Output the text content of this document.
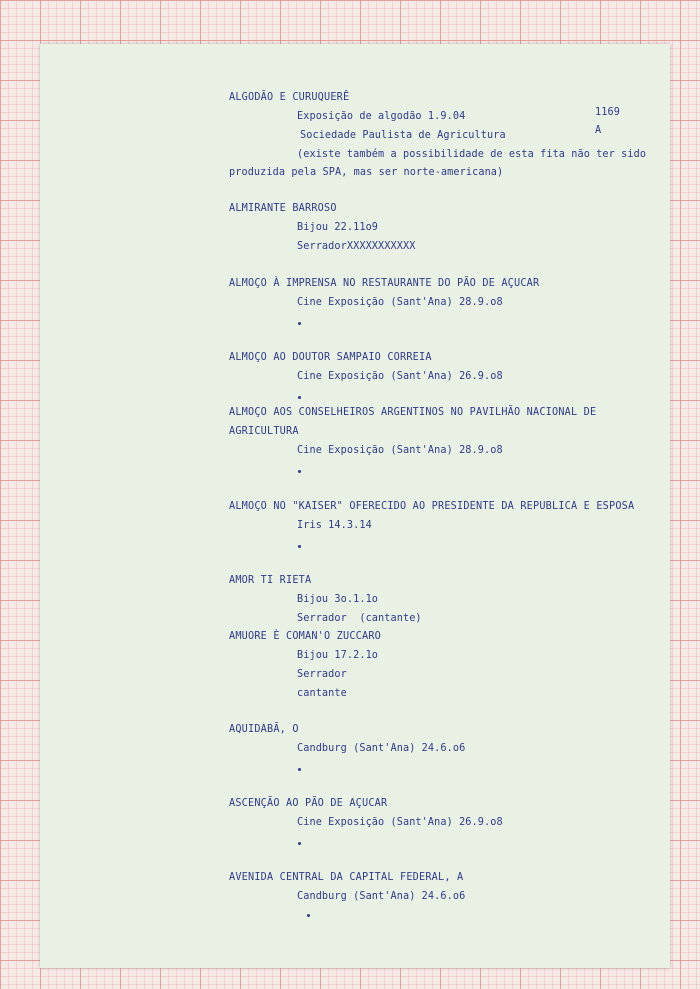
1169
A
ALGODÃO E CURUQUERÊ
Exposição de algodão 1.9.04
Sociedade Paulista de Agricultura
(existe também a possibilidade de esta fita não ter sido
produzida pela SPA, mas ser norte-americana)
ALMIRANTE BARROSO
Bijou 22.11o9
SerradorXXXXXXXXXXX
ALMOÇO À IMPRENSA NO RESTAURANTE DO PÃO DE AÇUCAR
Cine Exposição (Sant'Ana) 28.9.o8
ALMOÇO AO DOUTOR SAMPAIO CORREIA
Cine Exposição (Sant'Ana) 26.9.o8
ALMOÇO AOS CONSELHEIROS ARGENTINOS NO PAVILHÃO NACIONAL DE
AGRICULTURA
Cine Exposição (Sant'Ana) 28.9.o8
ALMOÇO NO "KAISER" OFERECIDO AO PRESIDENTE DA REPUBLICA E ESPOSA
Iris 14.3.14
AMOR TI RIETA
Bijou 3o.1.1o
Serrador  (cantante)
AMUORE È COMAN'O ZUCCARO
Bijou 17.2.1o
Serrador
cantante
AQUIDABÃ, O
Candburg (Sant'Ana) 24.6.o6
ASCENÇÃO AO PÃO DE AÇUCAR
Cine Exposição (Sant'Ana) 26.9.o8
AVENIDA CENTRAL DA CAPITAL FEDERAL, A
Candburg (Sant'Ana) 24.6.o6
